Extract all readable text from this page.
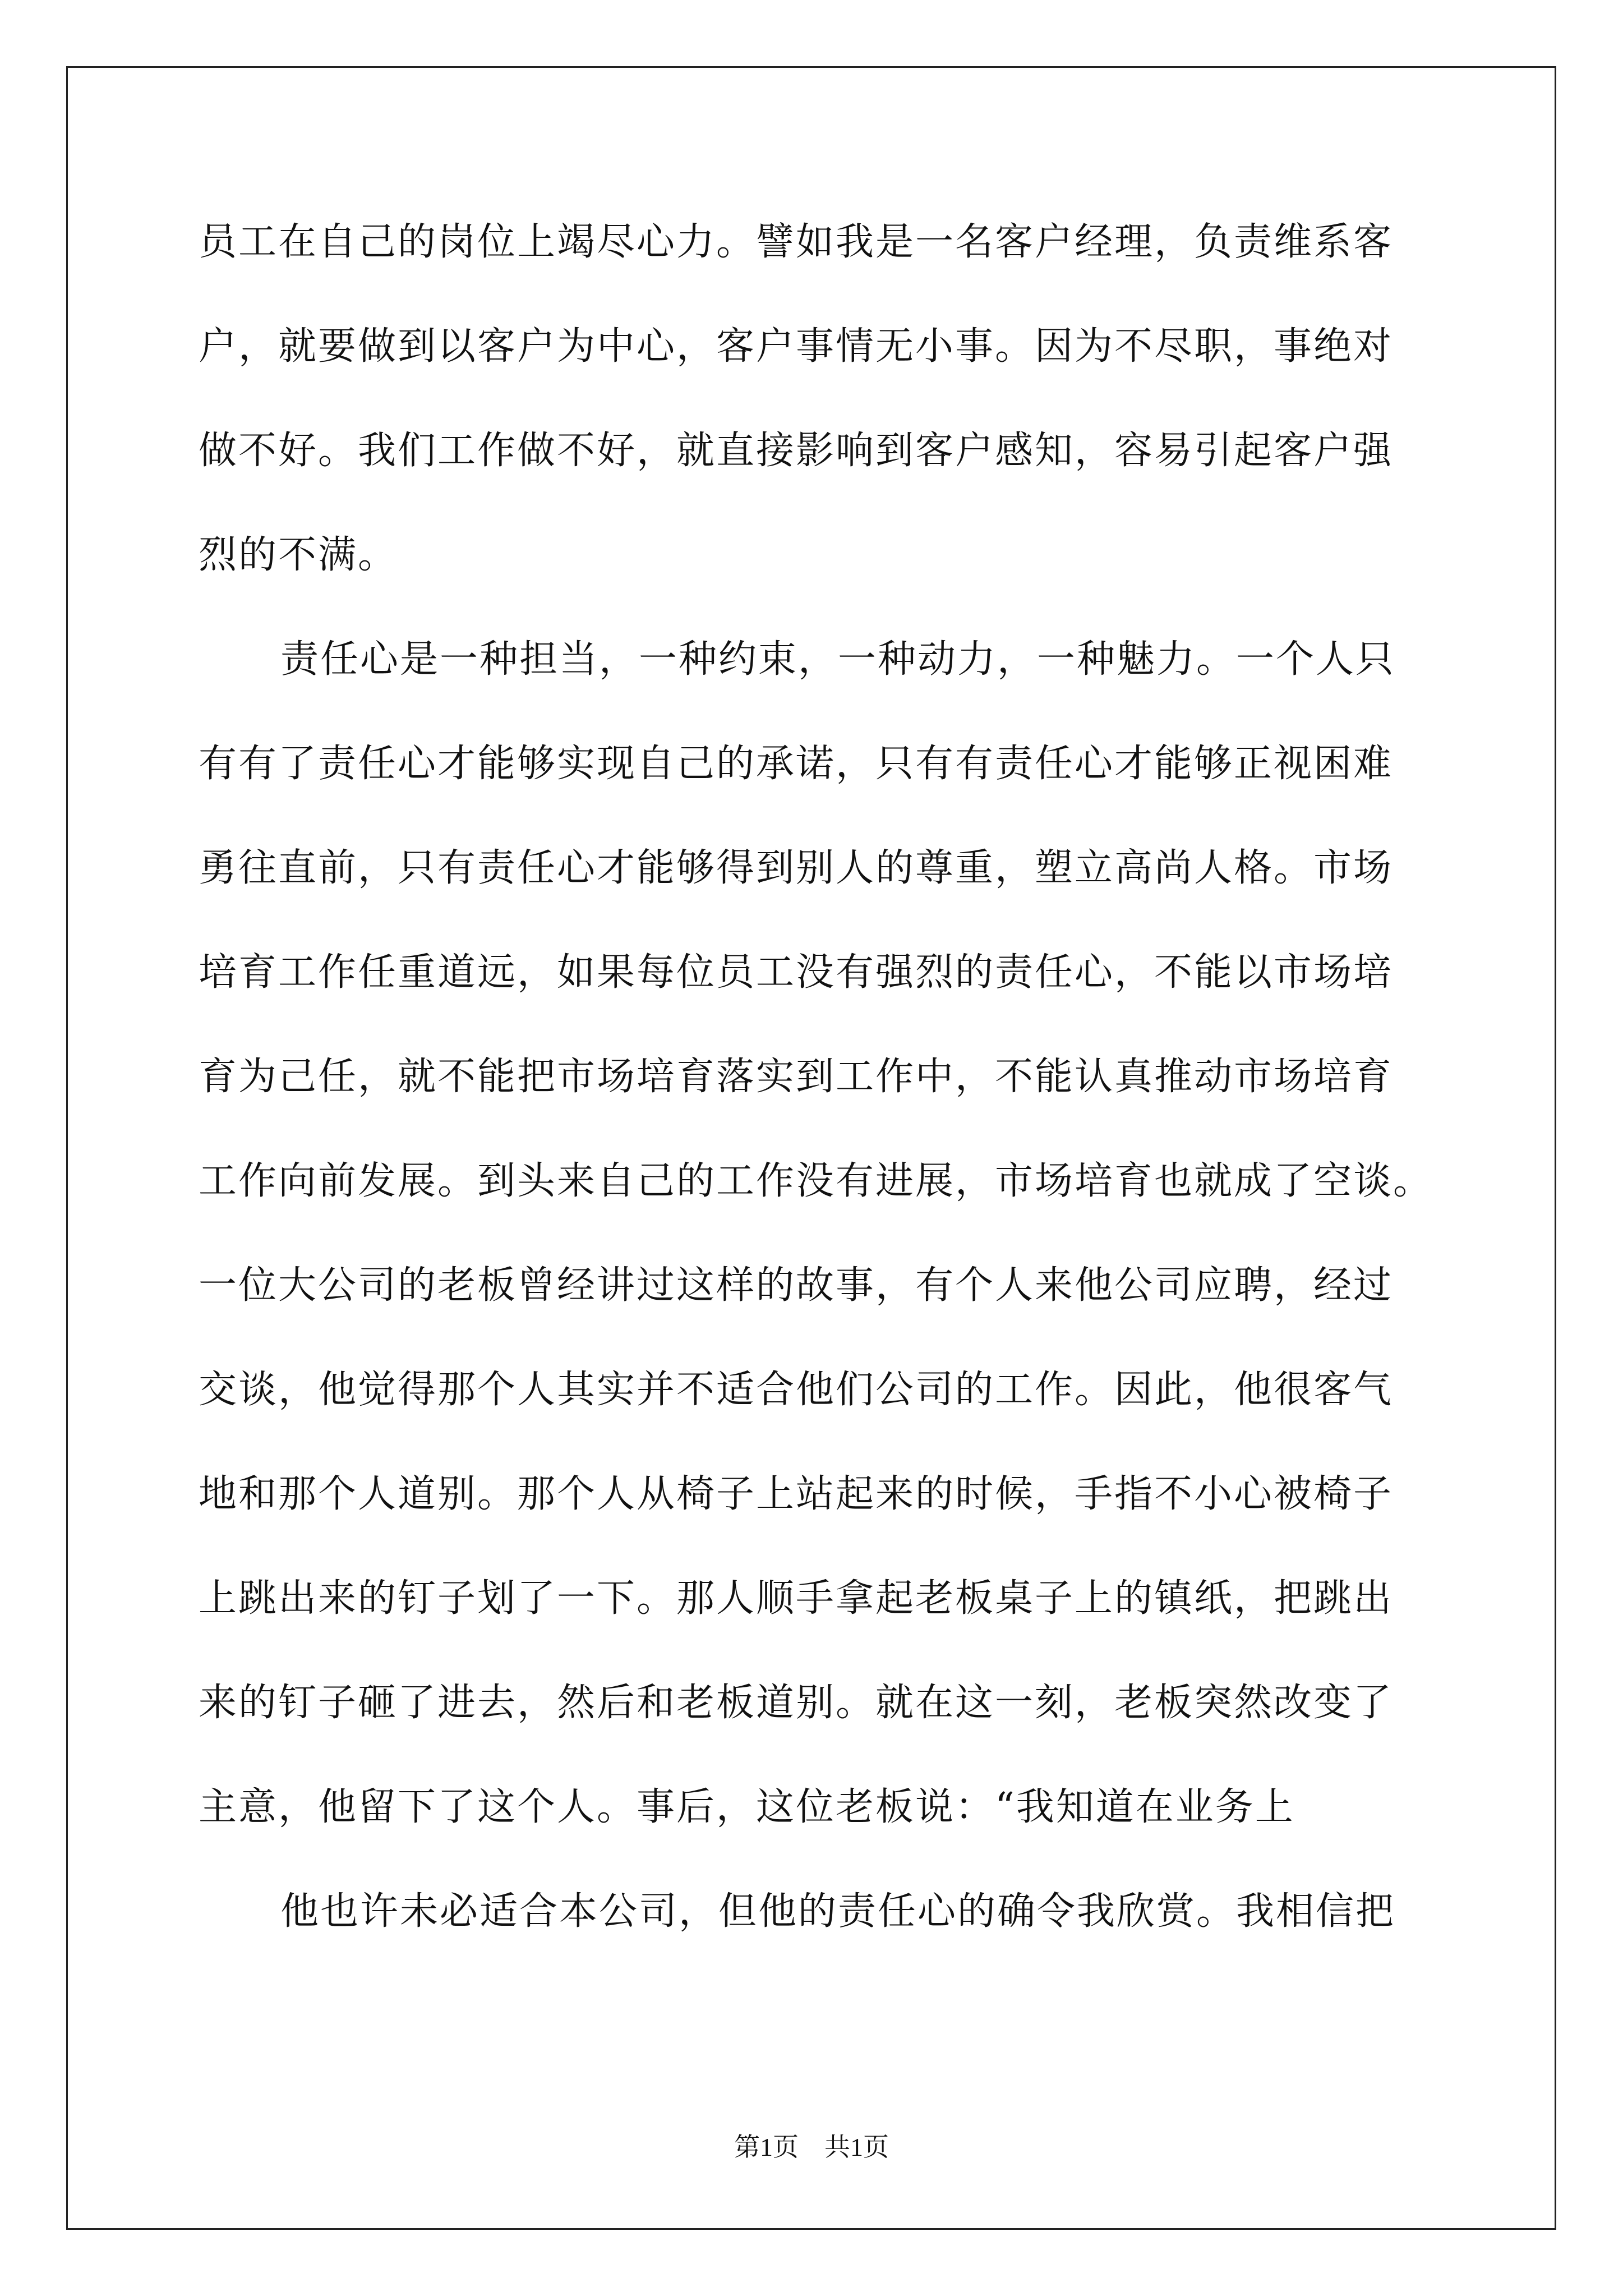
员工在自己的岗位上竭尽心力。譬如我是一名客户经理，负责维系客
户，就要做到以客户为中心，客户事情无小事。因为不尽职，事绝对
做不好。我们工作做不好，就直接影响到客户感知，容易引起客户强
烈的不满。
责任心是一种担当，一种约束，一种动力，一种魅力。一个人只
有有了责任心才能够实现自己的承诺，只有有责任心才能够正视困难
勇往直前，只有责任心才能够得到别人的尊重，塑立高尚人格。市场
培育工作任重道远，如果每位员工没有强烈的责任心，不能以市场培
育为己任，就不能把市场培育落实到工作中，不能认真推动市场培育
工作向前发展。到头来自己的工作没有进展，市场培育也就成了空谈。
一位大公司的老板曾经讲过这样的故事，有个人来他公司应聘，经过
交谈，他觉得那个人其实并不适合他们公司的工作。因此，他很客气
地和那个人道别。那个人从椅子上站起来的时候，手指不小心被椅子
上跳出来的钉子划了一下。那人顺手拿起老板桌子上的镇纸，把跳出
来的钉子砸了进去，然后和老板道别。就在这一刻，老板突然改变了
主意，他留下了这个人。事后，这位老板说：“我知道在业务上
他也许未必适合本公司，但他的责任心的确令我欣赏。我相信把
第1页　共1页
